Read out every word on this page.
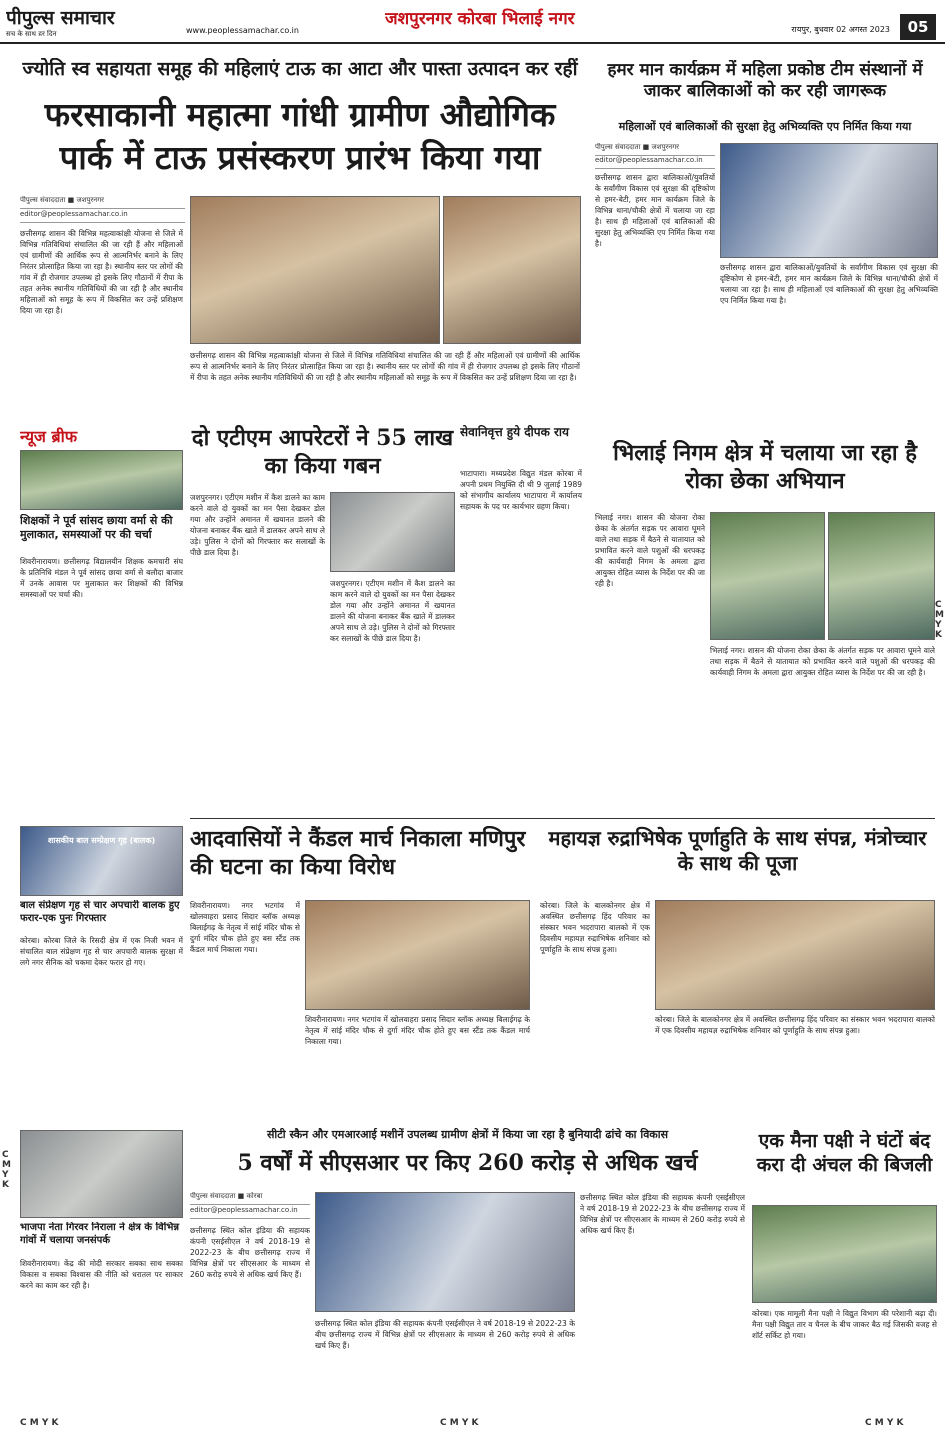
पीपुल्स समाचार
सच के साथ हर दिन	www.peoplessamachar.co.in
जशपुरनगर कोरबा भिलाई नगर
रायपुर, बुधवार 02 अगस्त 2023	05
ज्योति स्व सहायता समूह की महिलाएं टाऊ का आटा और पास्ता उत्पादन कर रहीं
फरसाकानी महात्मा गांधी ग्रामीण औद्योगिक पार्क में टाऊ प्रसंस्करण प्रारंभ किया गया
पीपुल्स संवाददाता ■ जशपुरनगर
editor@peoplessamachar.co.in
छत्तीसगढ़ शासन की विभिन्न महत्वाकांक्षी योजना से जिले में विभिन्न गतिविधियां संचालित की जा रही हैं और महिलाओं एवं ग्रामीणों की आर्थिक रूप से आत्मनिर्भर बनाने के लिए निरंतर प्रोत्साहित किया जा रहा है। स्थानीय स्तर पर लोगों की गांव में ही रोजगार उपलब्ध हो इसके लिए गौठानों में रीपा के तहत अनेक स्थानीय गतिविधियों की जा रही है और स्थानीय महिलाओं को समूह के रूप में विकसित कर उन्हें प्रशिक्षण दिया जा रहा है।
छत्तीसगढ़ शासन की विभिन्न महत्वाकांक्षी योजना से जिले में विभिन्न गतिविधियां संचालित की जा रही हैं और महिलाओं एवं ग्रामीणों की आर्थिक रूप से आत्मनिर्भर बनाने के लिए निरंतर प्रोत्साहित किया जा रहा है। स्थानीय स्तर पर लोगों की गांव में ही रोजगार उपलब्ध हो इसके लिए गौठानों में रीपा के तहत अनेक स्थानीय गतिविधियों की जा रही है और स्थानीय महिलाओं को समूह के रूप में विकसित कर उन्हें प्रशिक्षण दिया जा रहा है।
हमर मान कार्यक्रम में महिला प्रकोष्ठ टीम संस्थानों में जाकर बालिकाओं को कर रही जागरूक
महिलाओं एवं बालिकाओं की सुरक्षा हेतु अभिव्यक्ति एप निर्मित किया गया
पीपुल्स संवाददाता ■ जशपुरनगर
editor@peoplessamachar.co.in
छत्तीसगढ़ शासन द्वारा बालिकाओं/युवतियों के सर्वांगीण विकास एवं सुरक्षा की दृष्टिकोण से हमर-बेटी, हमर मान कार्यक्रम जिले के विभिन्न थाना/चौकी क्षेत्रों में चलाया जा रहा है। साथ ही महिलाओं एवं बालिकाओं की सुरक्षा हेतु अभिव्यक्ति एप निर्मित किया गया है।
छत्तीसगढ़ शासन द्वारा बालिकाओं/युवतियों के सर्वांगीण विकास एवं सुरक्षा की दृष्टिकोण से हमर-बेटी, हमर मान कार्यक्रम जिले के विभिन्न थाना/चौकी क्षेत्रों में चलाया जा रहा है। साथ ही महिलाओं एवं बालिकाओं की सुरक्षा हेतु अभिव्यक्ति एप निर्मित किया गया है।
न्यूज ब्रीफ
शिक्षकों ने पूर्व सांसद छाया वर्मा से की मुलाकात, समस्याओं पर की चर्चा
शिवरीनारायण। छत्तीसगढ़ विद्यालयीन शिक्षक कमचारी संघ के प्रतिनिधि मंडल ने पूर्व सांसद छाया वर्मा से बलौदा बाजार में उनके आवास पर मुलाकात कर शिक्षकों की विभिन्न समस्याओं पर चर्चा की।
दो एटीएम आपरेटरों ने 55 लाख का किया गबन
जशपुरनगर। एटीएम मशीन में कैश डालने का काम करने वाले दो युवकों का मन पैसा देखकर डोल गया और उन्होंने अमानत में खयानत डालने की योजना बनाकर बैंक खाते में डालकर अपने साथ ले उड़े। पुलिस ने दोनों को गिरफ्तार कर सलाखों के पीछे डाल दिया है।
जशपुरनगर। एटीएम मशीन में कैश डालने का काम करने वाले दो युवकों का मन पैसा देखकर डोल गया और उन्होंने अमानत में खयानत डालने की योजना बनाकर बैंक खाते में डालकर अपने साथ ले उड़े। पुलिस ने दोनों को गिरफ्तार कर सलाखों के पीछे डाल दिया है।
सेवानिवृत्त हुये दीपक राय
भाटापारा। मध्यप्रदेश विद्युत मंडल कोरबा में अपनी प्रथम नियुक्ति दी थी 9 जुलाई 1989 को संभागीय कार्यालय भाटापारा में कार्यालय सहायक के पद पर कार्यभार ग्रहण किया।
भिलाई निगम क्षेत्र में चलाया जा रहा है रोका छेका अभियान
भिलाई नगर। शासन की योजना रोका छेका के अंतर्गत सड़क पर आवारा घूमने वाले तथा सड़क में बैठने से यातायात को प्रभावित करने वाले पशुओं की धरपकड़ की कार्यवाही निगम के अमला द्वारा आयुक्त रोहित व्यास के निर्देश पर की जा रही है।
भिलाई नगर। शासन की योजना रोका छेका के अंतर्गत सड़क पर आवारा घूमने वाले तथा सड़क में बैठने से यातायात को प्रभावित करने वाले पशुओं की धरपकड़ की कार्यवाही निगम के अमला द्वारा आयुक्त रोहित व्यास के निर्देश पर की जा रही है।
C M Y K
आदवासियों ने कैंडल मार्च निकाला मणिपुर की घटना का किया विरोध
शिवरीनारायण। नगर भटगांव में खोलवाहरा प्रसाद सिदार ब्लॉक अध्यक्ष बिलाईगढ़ के नेतृत्व में सांई मंदिर चौक से दुर्गा मंदिर चौक होते हुए बस स्टैंड तक कैंडल मार्च निकाला गया।
शिवरीनारायण। नगर भटगांव में खोलवाहरा प्रसाद सिदार ब्लॉक अध्यक्ष बिलाईगढ़ के नेतृत्व में सांई मंदिर चौक से दुर्गा मंदिर चौक होते हुए बस स्टैंड तक कैंडल मार्च निकाला गया।
महायज्ञ रुद्राभिषेक पूर्णाहुति के साथ संपन्न, मंत्रोच्चार के साथ की पूजा
कोरबा। जिले के बालकोनगर क्षेत्र में अवस्थित छत्तीसगढ़ हिंद परिवार का संस्कार भवन भदरापारा बालको में एक दिवसीय महायज्ञ रुद्राभिषेक शनिवार को पूर्णाहुति के साथ संपन्न हुआ।
कोरबा। जिले के बालकोनगर क्षेत्र में अवस्थित छत्तीसगढ़ हिंद परिवार का संस्कार भवन भदरापारा बालको में एक दिवसीय महायज्ञ रुद्राभिषेक शनिवार को पूर्णाहुति के साथ संपन्न हुआ।
शासकीय बाल सम्प्रेक्षण गृह (बालक)
बाल संप्रेक्षण गृह से चार अपचारी बालक हुए फरार-एक पुनः गिरफ्तार
कोरबा। कोरबा जिले के रिसदी क्षेत्र में एक निजी भवन में संचालित बाल संप्रेक्षण गृह से चार अपचारी बालक सुरक्षा में लगे नगर सैनिक को चकमा देकर फरार हो गए।
C M Y K
भाजपा नेता गिरवर निराला ने क्षेत्र के विभिन्न गांवों में चलाया जनसंपर्क
शिवरीनारायण। केंद्र की मोदी सरकार सबका साथ सबका विकास व सबका विश्वास की नीति को धरातल पर साकार करने का काम कर रही है।
सीटी स्कैन और एमआरआई मशीनें उपलब्ध ग्रामीण क्षेत्रों में किया जा रहा है बुनियादी ढांचे का विकास
5 वर्षों में सीएसआर पर किए 260 करोड़ से अधिक खर्च
पीपुल्स संवाददाता ■ कोरबा
editor@peoplessamachar.co.in
छत्तीसगढ़ स्थित कोल इंडिया की सहायक कंपनी एसईसीएल ने वर्ष 2018-19 से 2022-23 के बीच छत्तीसगढ़ राज्य में विभिन्न क्षेत्रों पर सीएसआर के माध्यम से 260 करोड़ रुपये से अधिक खर्च किए हैं।
छत्तीसगढ़ स्थित कोल इंडिया की सहायक कंपनी एसईसीएल ने वर्ष 2018-19 से 2022-23 के बीच छत्तीसगढ़ राज्य में विभिन्न क्षेत्रों पर सीएसआर के माध्यम से 260 करोड़ रुपये से अधिक खर्च किए हैं।
छत्तीसगढ़ स्थित कोल इंडिया की सहायक कंपनी एसईसीएल ने वर्ष 2018-19 से 2022-23 के बीच छत्तीसगढ़ राज्य में विभिन्न क्षेत्रों पर सीएसआर के माध्यम से 260 करोड़ रुपये से अधिक खर्च किए हैं।
एक मैना पक्षी ने घंटों बंद करा दी अंचल की बिजली
कोरबा। एक मामूली मैना पक्षी ने विद्युत विभाग की परेशानी बढ़ा दी। मैना पक्षी विद्युत तार व चैनल के बीच जाकर बैठ गई जिसकी वजह से शॉर्ट सर्किट हो गया।
C M Y K	C M Y K	C M Y K
